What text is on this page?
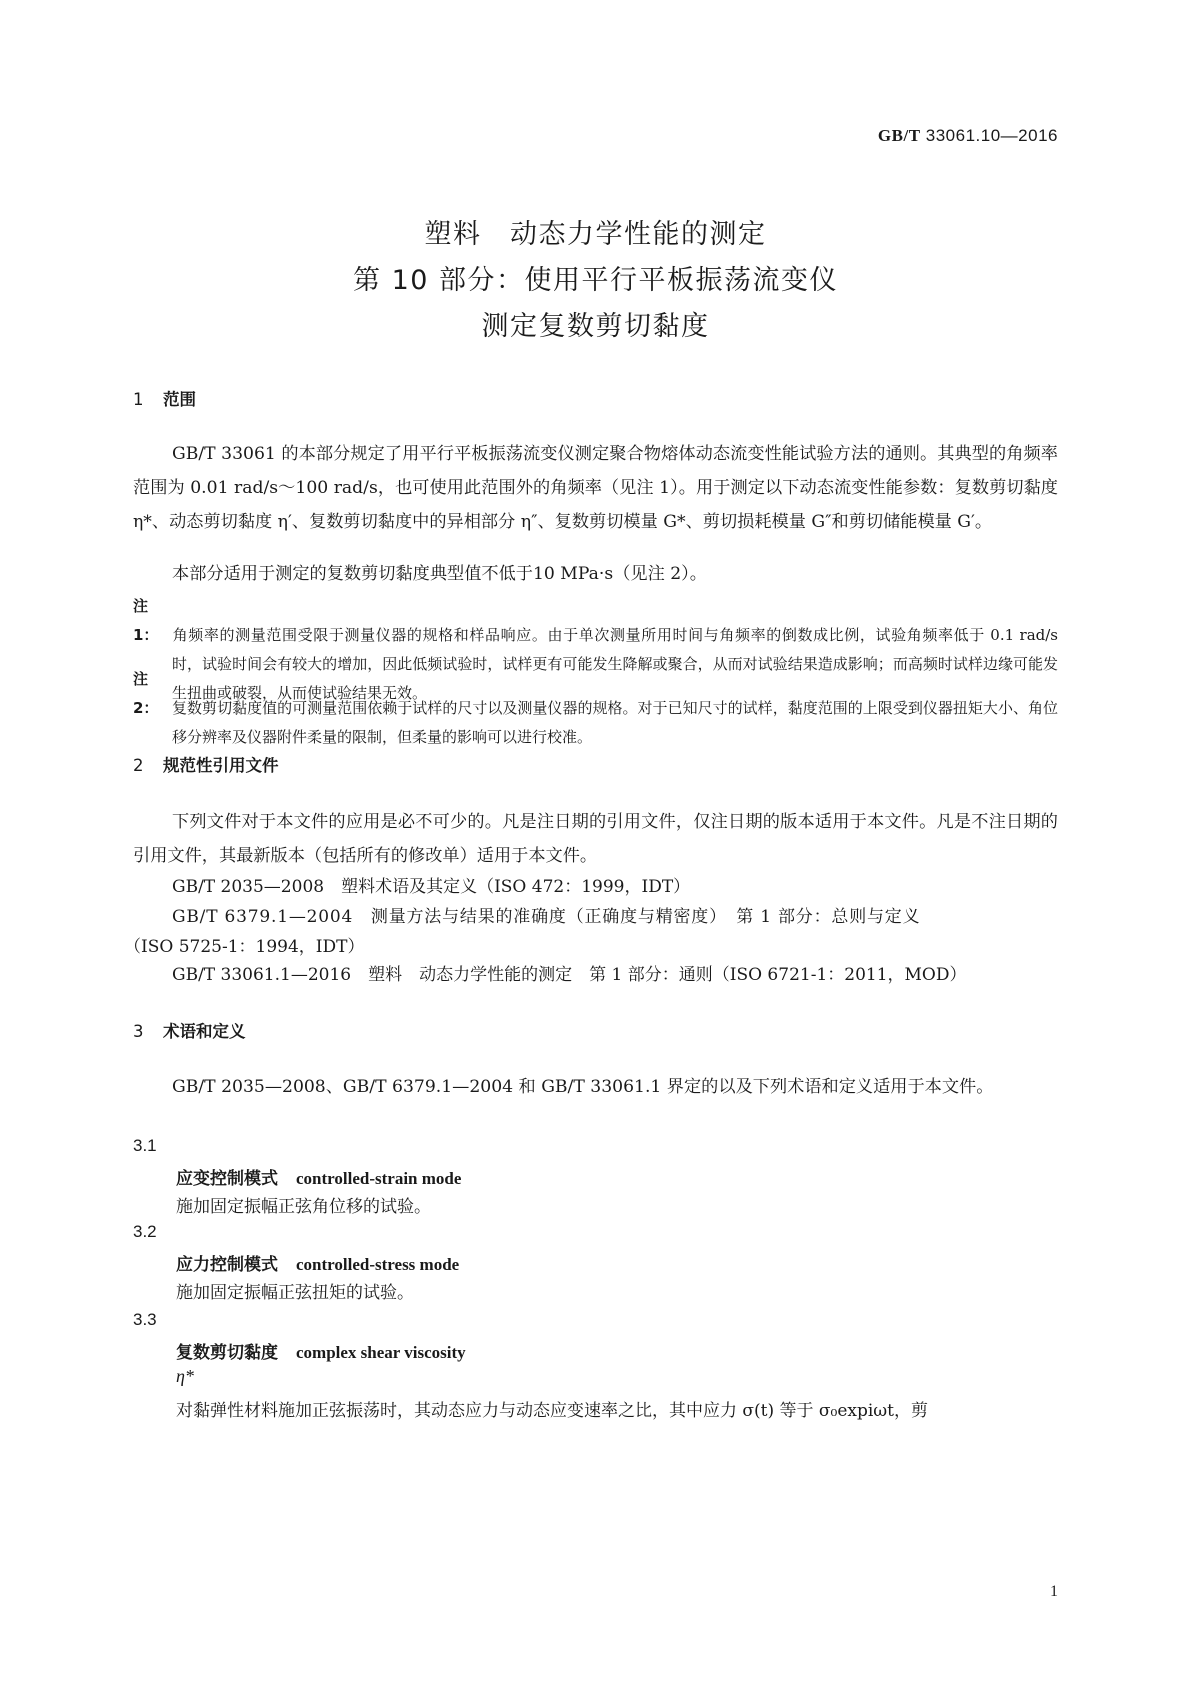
GB/T 33061.10—2016
塑料　动态力学性能的测定
第 10 部分：使用平行平板振荡流变仪
测定复数剪切黏度
1 范围
GB/T 33061 的本部分规定了用平行平板振荡流变仪测定聚合物熔体动态流变性能试验方法的通则。其典型的角频率范围为 0.01 rad/s～100 rad/s，也可使用此范围外的角频率（见注 1）。用于测定以下动态流变性能参数：复数剪切黏度 η*、动态剪切黏度 η′、复数剪切黏度中的异相部分 η″、复数剪切模量 G*、剪切损耗模量 G″和剪切储能模量 G′。
本部分适用于测定的复数剪切黏度典型值不低于10 MPa·s（见注 2）。
注 1： 角频率的测量范围受限于测量仪器的规格和样品响应。由于单次测量所用时间与角频率的倒数成比例，试验角频率低于 0.1 rad/s 时，试验时间会有较大的增加，因此低频试验时，试样更有可能发生降解或聚合，从而对试验结果造成影响；而高频时试样边缘可能发生扭曲或破裂，从而使试验结果无效。
注 2： 复数剪切黏度值的可测量范围依赖于试样的尺寸以及测量仪器的规格。对于已知尺寸的试样，黏度范围的上限受到仪器扭矩大小、角位移分辨率及仪器附件柔量的限制，但柔量的影响可以进行校准。
2 规范性引用文件
下列文件对于本文件的应用是必不可少的。凡是注日期的引用文件，仅注日期的版本适用于本文件。凡是不注日期的引用文件，其最新版本（包括所有的修改单）适用于本文件。
GB/T 2035—2008　塑料术语及其定义（ISO 472：1999，IDT）
GB/T 6379.1—2004　测量方法与结果的准确度（正确度与精密度）　第 1 部分：总则与定义
（ISO 5725-1：1994，IDT）
GB/T 33061.1—2016　塑料　动态力学性能的测定　第 1 部分：通则（ISO 6721-1：2011，MOD）
3 术语和定义
GB/T 2035—2008、GB/T 6379.1—2004 和 GB/T 33061.1 界定的以及下列术语和定义适用于本文件。
3.1
应变控制模式 controlled-strain mode
施加固定振幅正弦角位移的试验。
3.2
应力控制模式 controlled-stress mode
施加固定振幅正弦扭矩的试验。
3.3
复数剪切黏度 complex shear viscosity
η*
对黏弹性材料施加正弦振荡时，其动态应力与动态应变速率之比，其中应力 σ(t) 等于 σ₀expiωt，剪
1
